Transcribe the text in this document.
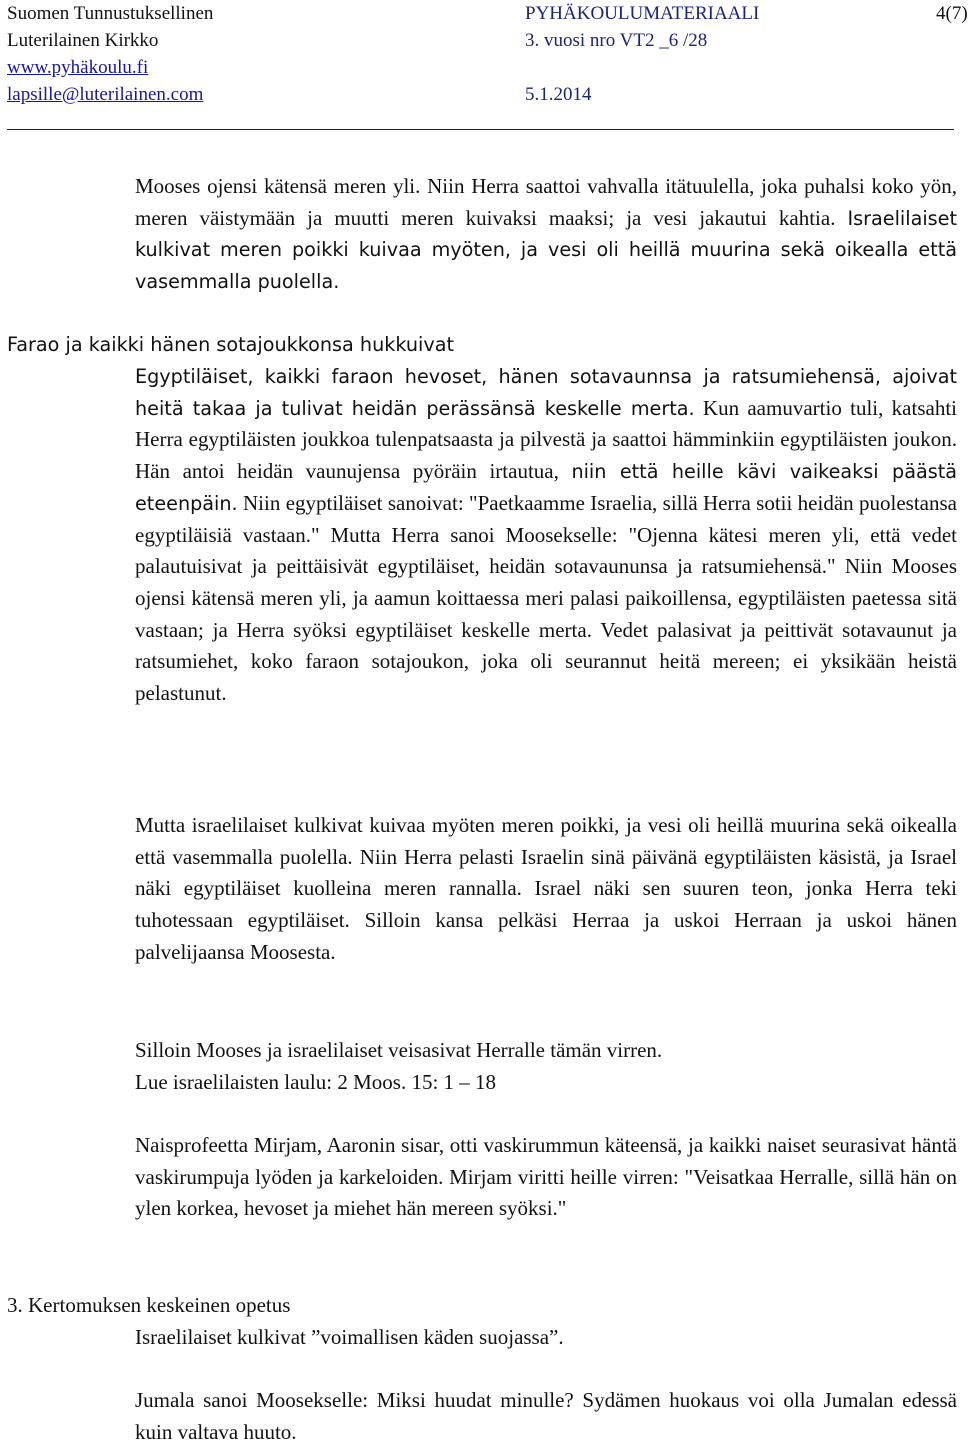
Suomen Tunnustuksellinen	PYHÄKOULUMATERIAALI	4(7)
Luterilainen Kirkko	3. vuosi nro VT2 _6 /28
www.pyhäkoulu.fi
lapsille@luterilainen.com	5.1.2014

Mooses ojensi kätensä meren yli. Niin Herra saattoi vahvalla itätuulella, joka puhalsi koko yön, meren väistymään ja muutti meren kuivaksi maaksi; ja vesi jakautui kahtia. Israelilaiset kulkivat meren poikki kuivaa myöten, ja vesi oli heillä muurina sekä oikealla että vasemmalla puolella.

Farao ja kaikki hänen sotajoukkonsa hukkuivat

Egyptiläiset, kaikki faraon hevoset, hänen sotavaunnsa ja ratsumiehensä, ajoivat heitä takaa ja tulivat heidän perässänsä keskelle merta. Kun aamuvartio tuli, katsahti Herra egyptiläisten joukkoa tulenpatsaasta ja pilvestä ja saattoi hämminkiin egyptiläisten joukon. Hän antoi heidän vaunujensa pyöräin irtautua, niin että heille kävi vaikeaksi päästä eteenpäin. Niin egyptiläiset sanoivat: "Paetkaamme Israelia, sillä Herra sotii heidän puolestansa egyptiläisiä vastaan." Mutta Herra sanoi Moosekselle: "Ojenna kätesi meren yli, että vedet palautuisivat ja peittäisivät egyptiläiset, heidän sotavaununsa ja ratsumiehensä." Niin Mooses ojensi kätensä meren yli, ja aamun koittaessa meri palasi paikoillensa, egyptiläisten paetessa sitä vastaan; ja Herra syöksi egyptiläiset keskelle merta. Vedet palasivat ja peittivät sotavaunut ja ratsumiehet, koko faraon sotajoukon, joka oli seurannut heitä mereen; ei yksikään heistä pelastunut.

Mutta israelilaiset kulkivat kuivaa myöten meren poikki, ja vesi oli heillä muurina sekä oikealla että vasemmalla puolella. Niin Herra pelasti Israelin sinä päivänä egyptiläisten käsistä, ja Israel näki egyptiläiset kuolleina meren rannalla. Israel näki sen suuren teon, jonka Herra teki tuhotessaan egyptiläiset. Silloin kansa pelkäsi Herraa ja uskoi Herraan ja uskoi hänen palvelijaansa Moosesta.

Silloin Mooses ja israelilaiset veisasivat Herralle tämän virren.

Lue israelilaisten laulu: 2 Moos. 15: 1 – 18

Naisprofeetta Mirjam, Aaronin sisar, otti vaskirummun käteensä, ja kaikki naiset seurasivat häntä vaskirumpuja lyöden ja karkeloiden. Mirjam viritti heille virren: "Veisatkaa Herralle, sillä hän on ylen korkea, hevoset ja miehet hän mereen syöksi."

3. Kertomuksen keskeinen opetus

Israelilaiset kulkivat ”voimallisen käden suojassa”.

Jumala sanoi Moosekselle: Miksi huudat minulle? Sydämen huokaus voi olla Jumalan edessä kuin valtava huuto.
